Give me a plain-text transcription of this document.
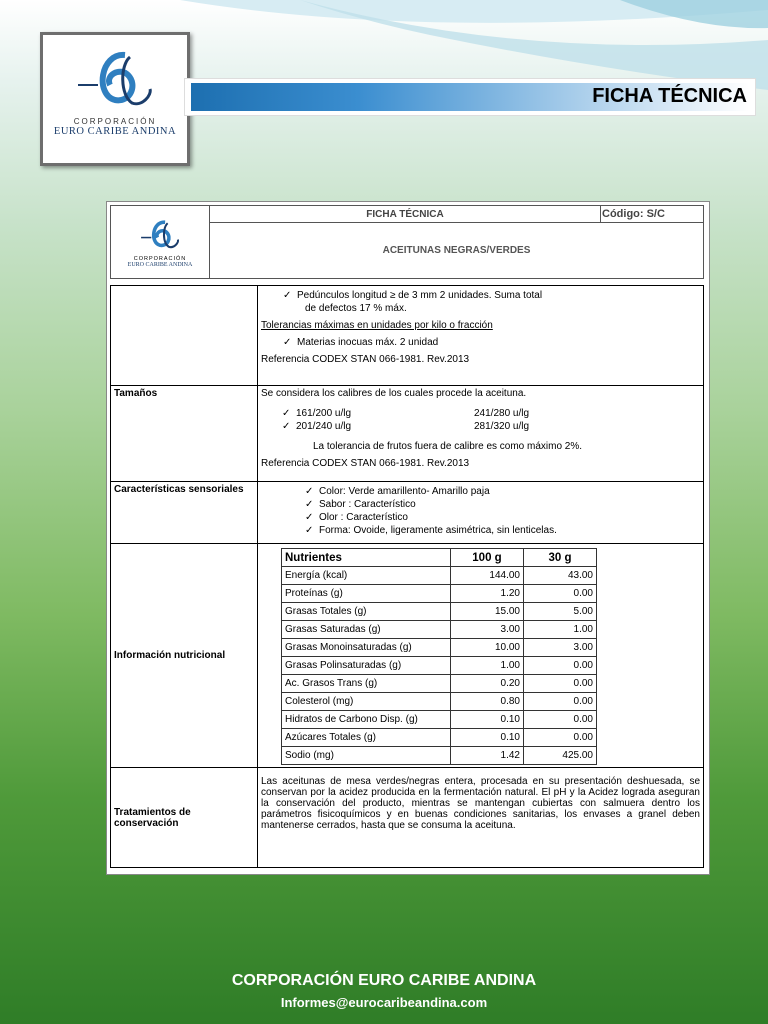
CORPORACIÓN
EURO CARIBE ANDINA
FICHA TÉCNICA
CORPORACIÓN
EURO CARIBE ANDINA
	FICHA TÉCNICA	Código: S/C
ACEITUNAS NEGRAS/VERDES

✓ Pedúnculos longitud ≥ de 3 mm 2 unidades. Suma total
de defectos 17 % máx.
Tolerancias máximas en unidades por kilo o fracción
✓ Materias inocuas máx. 2 unidad
Referencia CODEX STAN 066-1981. Rev.2013

Tamaños	Se considera los calibres de los cuales procede la aceituna.
✓ 161/200 u/lg	241/280 u/lg
✓ 201/240 u/lg	281/320 u/lg
La tolerancia de frutos fuera de calibre es como máximo 2%.
Referencia CODEX STAN 066-1981. Rev.2013

Características sensoriales	✓ Color: Verde amarillento- Amarillo paja
✓ Sabor : Característico
✓ Olor : Característico
✓ Forma: Ovoide, ligeramente asimétrica, sin lenticelas.

Información nutricional	
Nutrientes	100 g	30 g
Energía (kcal)	144.00	43.00
Proteínas (g)	1.20	0.00
Grasas Totales (g)	15.00	5.00
Grasas Saturadas (g)	3.00	1.00
Grasas Monoinsaturadas (g)	10.00	3.00
Grasas Polinsaturadas (g)	1.00	0.00
Ac. Grasos Trans (g)	0.20	0.00
Colesterol (mg)	0.80	0.00
Hidratos de Carbono Disp. (g)	0.10	0.00
Azúcares Totales (g)	0.10	0.00
Sodio (mg)	1.42	425.00

Tratamientos de conservación	Las aceitunas de mesa verdes/negras entera, procesada en su presentación deshuesada, se conservan por la acidez producida en la fermentación natural. El pH y la Acidez lograda aseguran la conservación del producto, mientras se mantengan cubiertas con salmuera dentro los parámetros fisicoquímicos y en buenas condiciones sanitarias, los envases a granel deben mantenerse cerrados, hasta que se consuma la aceituna.
CORPORACIÓN EURO CARIBE ANDINA
Informes@eurocaribeandina.com
